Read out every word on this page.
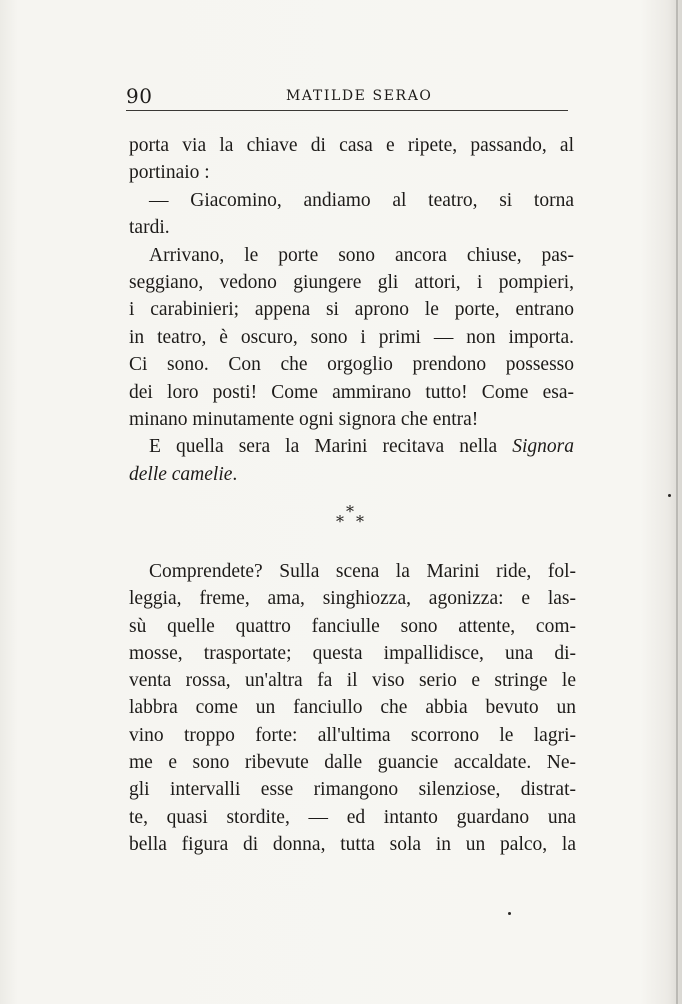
90	MATILDE SERAO
porta via la chiave di casa e ripete, passando, al
portinaio :
— Giacomino, andiamo al teatro, si torna
tardi.
Arrivano, le porte sono ancora chiuse, pas-
seggiano, vedono giungere gli attori, i pompieri,
i carabinieri; appena si aprono le porte, entrano
in teatro, è oscuro, sono i primi — non importa.
Ci sono. Con che orgoglio prendono possesso
dei loro posti! Come ammirano tutto! Come esa-
minano minutamente ogni signora che entra!
E quella sera la Marini recitava nella Signora
delle camelie.
*
* *
Comprendete? Sulla scena la Marini ride, fol-
leggia, freme, ama, singhiozza, agonizza: e las-
sù quelle quattro fanciulle sono attente, com-
mosse, trasportate; questa impallidisce, una di-
venta rossa, un'altra fa il viso serio e stringe le
labbra come un fanciullo che abbia bevuto un
vino troppo forte: all'ultima scorrono le lagri-
me e sono ribevute dalle guancie accaldate. Ne-
gli intervalli esse rimangono silenziose, distrat-
te, quasi stordite, — ed intanto guardano una
bella figura di donna, tutta sola in un palco, la
